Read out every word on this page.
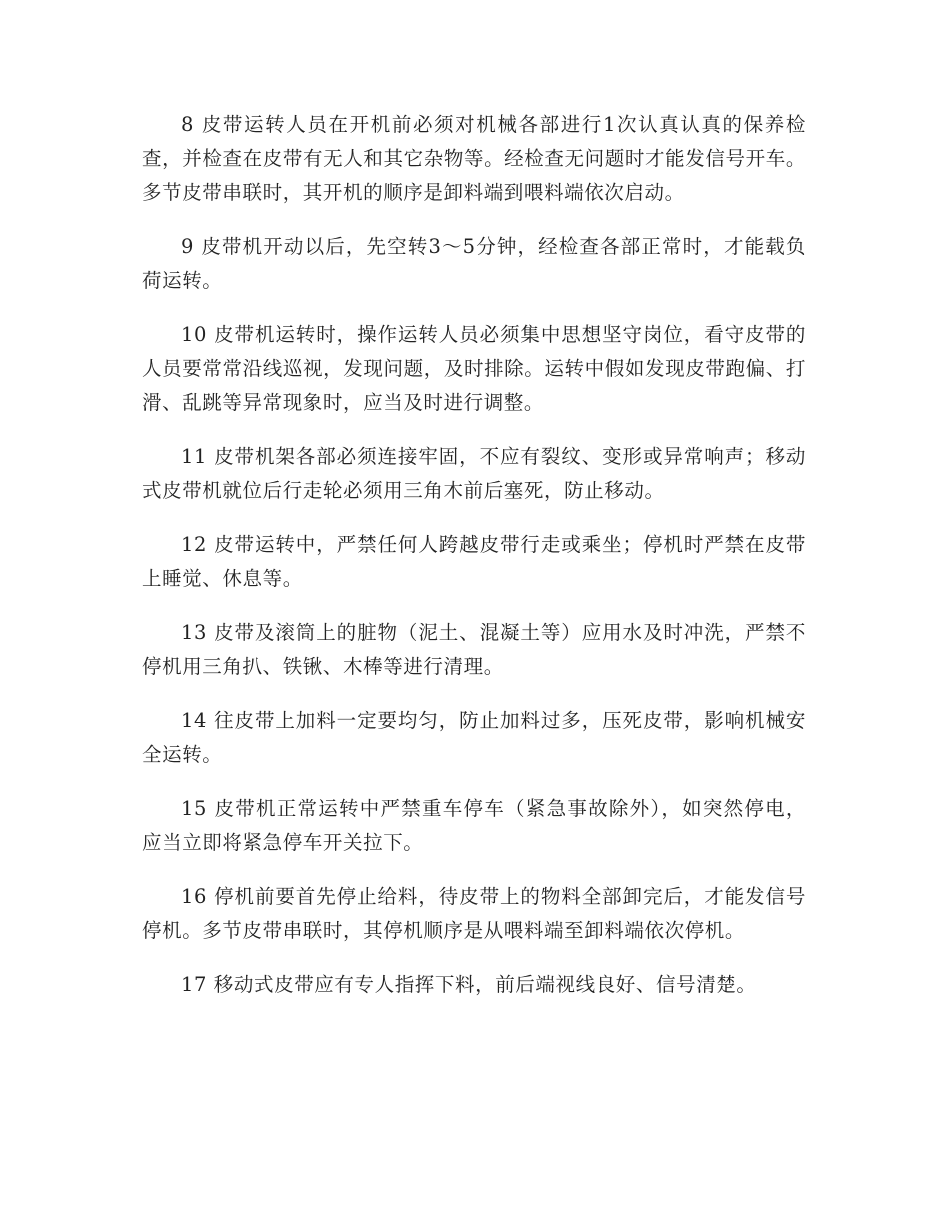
8 皮带运转人员在开机前必须对机械各部进行1次认真认真的保养检查，并检查在皮带有无人和其它杂物等。经检查无问题时才能发信号开车。多节皮带串联时，其开机的顺序是卸料端到喂料端依次启动。

9 皮带机开动以后，先空转3～5分钟，经检查各部正常时，才能载负荷运转。

10 皮带机运转时，操作运转人员必须集中思想坚守岗位，看守皮带的人员要常常沿线巡视，发现问题，及时排除。运转中假如发现皮带跑偏、打滑、乱跳等异常现象时，应当及时进行调整。

11 皮带机架各部必须连接牢固，不应有裂纹、变形或异常响声；移动式皮带机就位后行走轮必须用三角木前后塞死，防止移动。

12 皮带运转中，严禁任何人跨越皮带行走或乘坐；停机时严禁在皮带上睡觉、休息等。

13 皮带及滚筒上的脏物（泥土、混凝土等）应用水及时冲洗，严禁不停机用三角扒、铁锹、木棒等进行清理。

14 往皮带上加料一定要均匀，防止加料过多，压死皮带，影响机械安全运转。

15 皮带机正常运转中严禁重车停车（紧急事故除外），如突然停电，应当立即将紧急停车开关拉下。

16 停机前要首先停止给料，待皮带上的物料全部卸完后，才能发信号停机。多节皮带串联时，其停机顺序是从喂料端至卸料端依次停机。

17 移动式皮带应有专人指挥下料，前后端视线良好、信号清楚。
